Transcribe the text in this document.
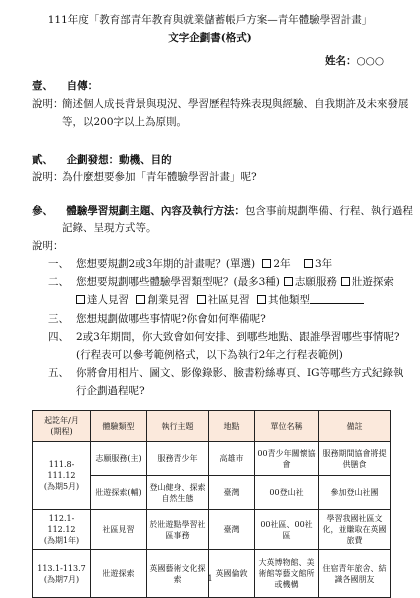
111年度「教育部青年教育與就業儲蓄帳戶方案—青年體驗學習計畫」
文字企劃書(格式)
姓名：○○○
壹、 自傳：
說明：
簡述個人成長背景與現況、學習歷程特殊表現與經驗、自我期許及未來發展
等，以200字以上為原則。
貳、 企劃發想：動機、目的
說明：
為什麼想要參加「青年體驗學習計畫」呢?
參、 體驗學習規劃主題、內容及執行方法：包含事前規劃準備、行程、執行過程
記錄、呈現方式等。
說明：
一、 您想要規劃2或3年期的計畫呢？(單選) 2年 3年
二、 您想要規劃哪些體驗學習類型呢？(最多3種) 志願服務 壯遊探索
達人見習 創業見習 社區見習 其他類型
三、 您想規劃做哪些事情呢?你會如何準備呢?
四、 2或3年期間，你大致會如何安排、到哪些地點、跟誰學習哪些事情呢?
(行程表可以參考範例格式，以下為執行2年之行程表範例)
五、 你將會用相片、圖文、影像錄影、臉書粉絲專頁、IG等哪些方式紀錄執
行企劃過程呢?
起訖年/月
(期程)	體驗類型	執行主題	地點	單位名稱	備註
111.8-111.12
(為期5月)	志願服務(主)	服務青少年	高雄市	00青少年關懷協會	服務期間協會將提供膳食
	壯遊探索(輔)	登山健身、探索自然生態	臺灣	00登山社	參加登山社團
112.1-112.12
(為期1年)	社區見習	於壯遊點學習社區事務	臺灣	00社區、00社區	學習我國社區文化，並賺取在英國旅費
113.1-113.7
(為期7月)	壯遊探索	英國藝術文化探索	英國倫敦	大英博物館、美術館等藝文館所或機構	住宿青年旅舍、結識各國朋友
1
